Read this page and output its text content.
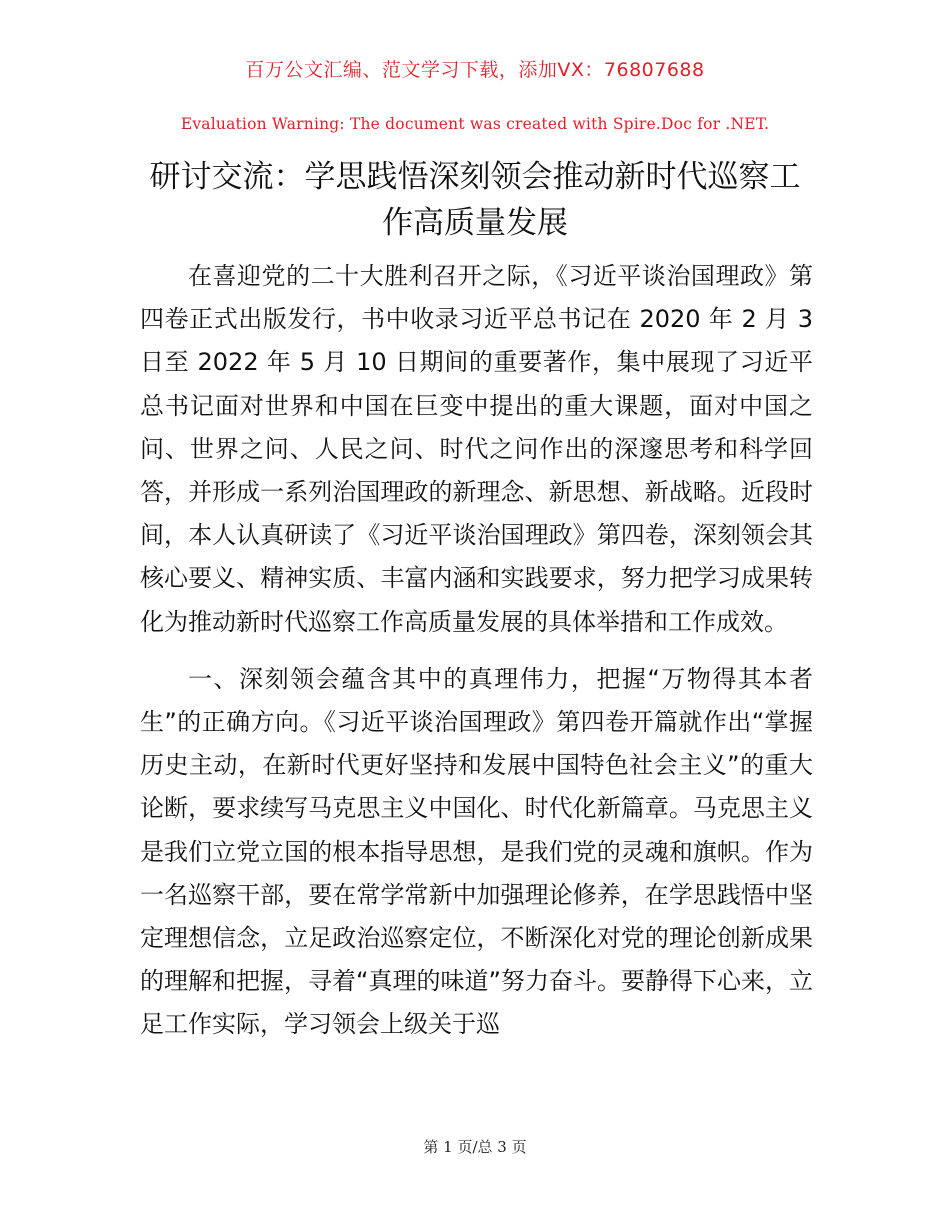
百万公文汇编、范文学习下载，添加VX：76807688
Evaluation Warning: The document was created with Spire.Doc for .NET.
研讨交流：学思践悟深刻领会推动新时代巡察工作高质量发展

在喜迎党的二十大胜利召开之际，《习近平谈治国理政》第四卷正式出版发行，书中收录习近平总书记在 2020 年 2 月 3 日至 2022 年 5 月 10 日期间的重要著作，集中展现了习近平总书记面对世界和中国在巨变中提出的重大课题，面对中国之问、世界之问、人民之问、时代之问作出的深邃思考和科学回答，并形成一系列治国理政的新理念、新思想、新战略。近段时间，本人认真研读了《习近平谈治国理政》第四卷，深刻领会其核心要义、精神实质、丰富内涵和实践要求，努力把学习成果转化为推动新时代巡察工作高质量发展的具体举措和工作成效。

一、深刻领会蕴含其中的真理伟力，把握“万物得其本者生”的正确方向。《习近平谈治国理政》第四卷开篇就作出“掌握历史主动，在新时代更好坚持和发展中国特色社会主义”的重大论断，要求续写马克思主义中国化、时代化新篇章。马克思主义是我们立党立国的根本指导思想，是我们党的灵魂和旗帜。作为一名巡察干部，要在常学常新中加强理论修养，在学思践悟中坚定理想信念，立足政治巡察定位，不断深化对党的理论创新成果的理解和把握，寻着“真理的味道”努力奋斗。要静得下心来，立足工作实际，学习领会上级关于巡

第 1 页/总 3 页
